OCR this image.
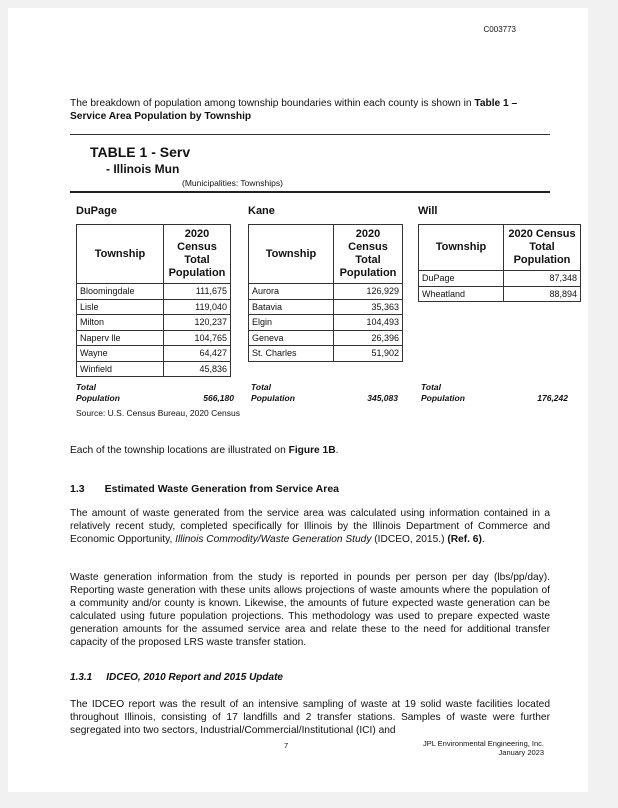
C003773
The breakdown of population among township boundaries within each county is shown in Table 1 – Service Area Population by Township
TABLE 1 - Serv
- Illinois Mun
(Municipalities: Townships)
DuPage
Township	2020 Census Total Population
Bloomingdale	111,675
Lisle	119,040
Milton	120,237
Naperv lle	104,765
Wayne	64,427
Winfield	45,836
Total Population	566,180
Kane
Township	2020 Census Total Population
Aurora	126,929
Batavia	35,363
Elgin	104,493
Geneva	26,396
St. Charles	51,902
Total Population	345,083
Will
Township	2020 Census Total Population
DuPage	87,348
Wheatland	88,894
Total Population	176,242
Source: U.S. Census Bureau, 2020 Census
Each of the township locations are illustrated on Figure 1B.
1.3 Estimated Waste Generation from Service Area
The amount of waste generated from the service area was calculated using information contained in a relatively recent study, completed specifically for Illinois by the Illinois Department of Commerce and Economic Opportunity, Illinois Commodity/Waste Generation Study (IDCEO, 2015.) (Ref. 6).
Waste generation information from the study is reported in pounds per person per day (lbs/pp/day). Reporting waste generation with these units allows projections of waste amounts where the population of a community and/or county is known. Likewise, the amounts of future expected waste generation can be calculated using future population projections. This methodology was used to prepare expected waste generation amounts for the assumed service area and relate these to the need for additional transfer capacity of the proposed LRS waste transfer station.
1.3.1 IDCEO, 2010 Report and 2015 Update
The IDCEO report was the result of an intensive sampling of waste at 19 solid waste facilities located throughout Illinois, consisting of 17 landfills and 2 transfer stations. Samples of waste were further segregated into two sectors, Industrial/Commercial/Institutional (ICI) and
7	JPL Environmental Engineering, Inc.
January 2023
